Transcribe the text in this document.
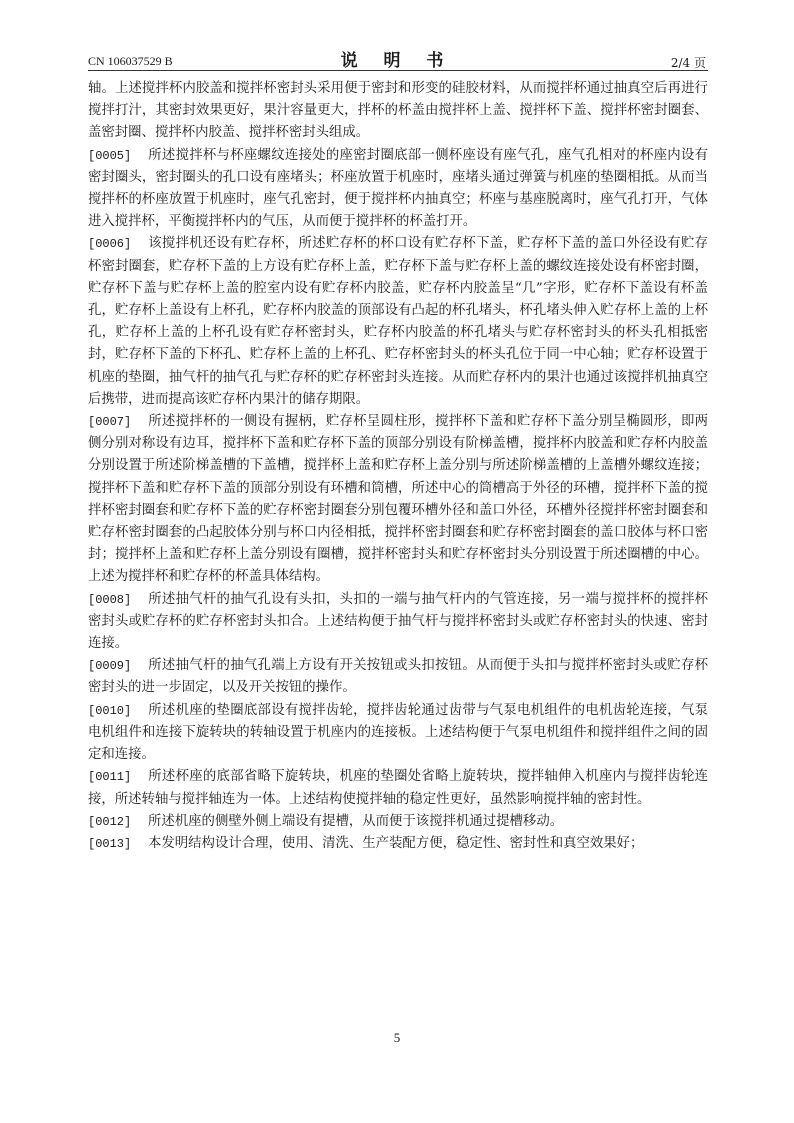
CN 106037529 B	说 明 书	2/4 页

轴。上述搅拌杯内胶盖和搅拌杯密封头采用便于密封和形变的硅胶材料，从而搅拌杯通过抽真空后再进行搅拌打汁，其密封效果更好，果汁容量更大，拌杯的杯盖由搅拌杯上盖、搅拌杯下盖、搅拌杯密封圈套、盖密封圈、搅拌杯内胶盖、搅拌杯密封头组成。

[0005] 所述搅拌杯与杯座螺纹连接处的座密封圈底部一侧杯座设有座气孔，座气孔相对的杯座内设有密封圈头，密封圈头的孔口设有座堵头；杯座放置于机座时，座堵头通过弹簧与机座的垫圈相抵。从而当搅拌杯的杯座放置于机座时，座气孔密封，便于搅拌杯内抽真空；杯座与基座脱离时，座气孔打开，气体进入搅拌杯，平衡搅拌杯内的气压，从而便于搅拌杯的杯盖打开。

[0006] 该搅拌机还设有贮存杯，所述贮存杯的杯口设有贮存杯下盖，贮存杯下盖的盖口外径设有贮存杯密封圈套，贮存杯下盖的上方设有贮存杯上盖，贮存杯下盖与贮存杯上盖的螺纹连接处设有杯密封圈，贮存杯下盖与贮存杯上盖的腔室内设有贮存杯内胶盖，贮存杯内胶盖呈“几”字形，贮存杯下盖设有杯盖孔，贮存杯上盖设有上杯孔，贮存杯内胶盖的顶部设有凸起的杯孔堵头，杯孔堵头伸入贮存杯上盖的上杯孔，贮存杯上盖的上杯孔设有贮存杯密封头，贮存杯内胶盖的杯孔堵头与贮存杯密封头的杯头孔相抵密封，贮存杯下盖的下杯孔、贮存杯上盖的上杯孔、贮存杯密封头的杯头孔位于同一中心轴；贮存杯设置于机座的垫圈，抽气杆的抽气孔与贮存杯的贮存杯密封头连接。从而贮存杯内的果汁也通过该搅拌机抽真空后携带，进而提高该贮存杯内果汁的储存期限。

[0007] 所述搅拌杯的一侧设有握柄，贮存杯呈圆柱形，搅拌杯下盖和贮存杯下盖分别呈椭圆形，即两侧分别对称设有边耳，搅拌杯下盖和贮存杯下盖的顶部分别设有阶梯盖槽，搅拌杯内胶盖和贮存杯内胶盖分别设置于所述阶梯盖槽的下盖槽，搅拌杯上盖和贮存杯上盖分别与所述阶梯盖槽的上盖槽外螺纹连接；搅拌杯下盖和贮存杯下盖的顶部分别设有环槽和筒槽，所述中心的筒槽高于外径的环槽，搅拌杯下盖的搅拌杯密封圈套和贮存杯下盖的贮存杯密封圈套分别包覆环槽外径和盖口外径，环槽外径搅拌杯密封圈套和贮存杯密封圈套的凸起胶体分别与杯口内径相抵，搅拌杯密封圈套和贮存杯密封圈套的盖口胶体与杯口密封；搅拌杯上盖和贮存杯上盖分别设有圈槽，搅拌杯密封头和贮存杯密封头分别设置于所述圈槽的中心。上述为搅拌杯和贮存杯的杯盖具体结构。

[0008] 所述抽气杆的抽气孔设有头扣，头扣的一端与抽气杆内的气管连接，另一端与搅拌杯的搅拌杯密封头或贮存杯的贮存杯密封头扣合。上述结构便于抽气杆与搅拌杯密封头或贮存杯密封头的快速、密封连接。

[0009] 所述抽气杆的抽气孔端上方设有开关按钮或头扣按钮。从而便于头扣与搅拌杯密封头或贮存杯密封头的进一步固定，以及开关按钮的操作。

[0010] 所述机座的垫圈底部设有搅拌齿轮，搅拌齿轮通过齿带与气泵电机组件的电机齿轮连接，气泵电机组件和连接下旋转块的转轴设置于机座内的连接板。上述结构便于气泵电机组件和搅拌组件之间的固定和连接。

[0011] 所述杯座的底部省略下旋转块，机座的垫圈处省略上旋转块，搅拌轴伸入机座内与搅拌齿轮连接，所述转轴与搅拌轴连为一体。上述结构使搅拌轴的稳定性更好，虽然影响搅拌轴的密封性。

[0012] 所述机座的侧壁外侧上端设有提槽，从而便于该搅拌机通过提槽移动。

[0013] 本发明结构设计合理，使用、清洗、生产装配方便，稳定性、密封性和真空效果好；

5
